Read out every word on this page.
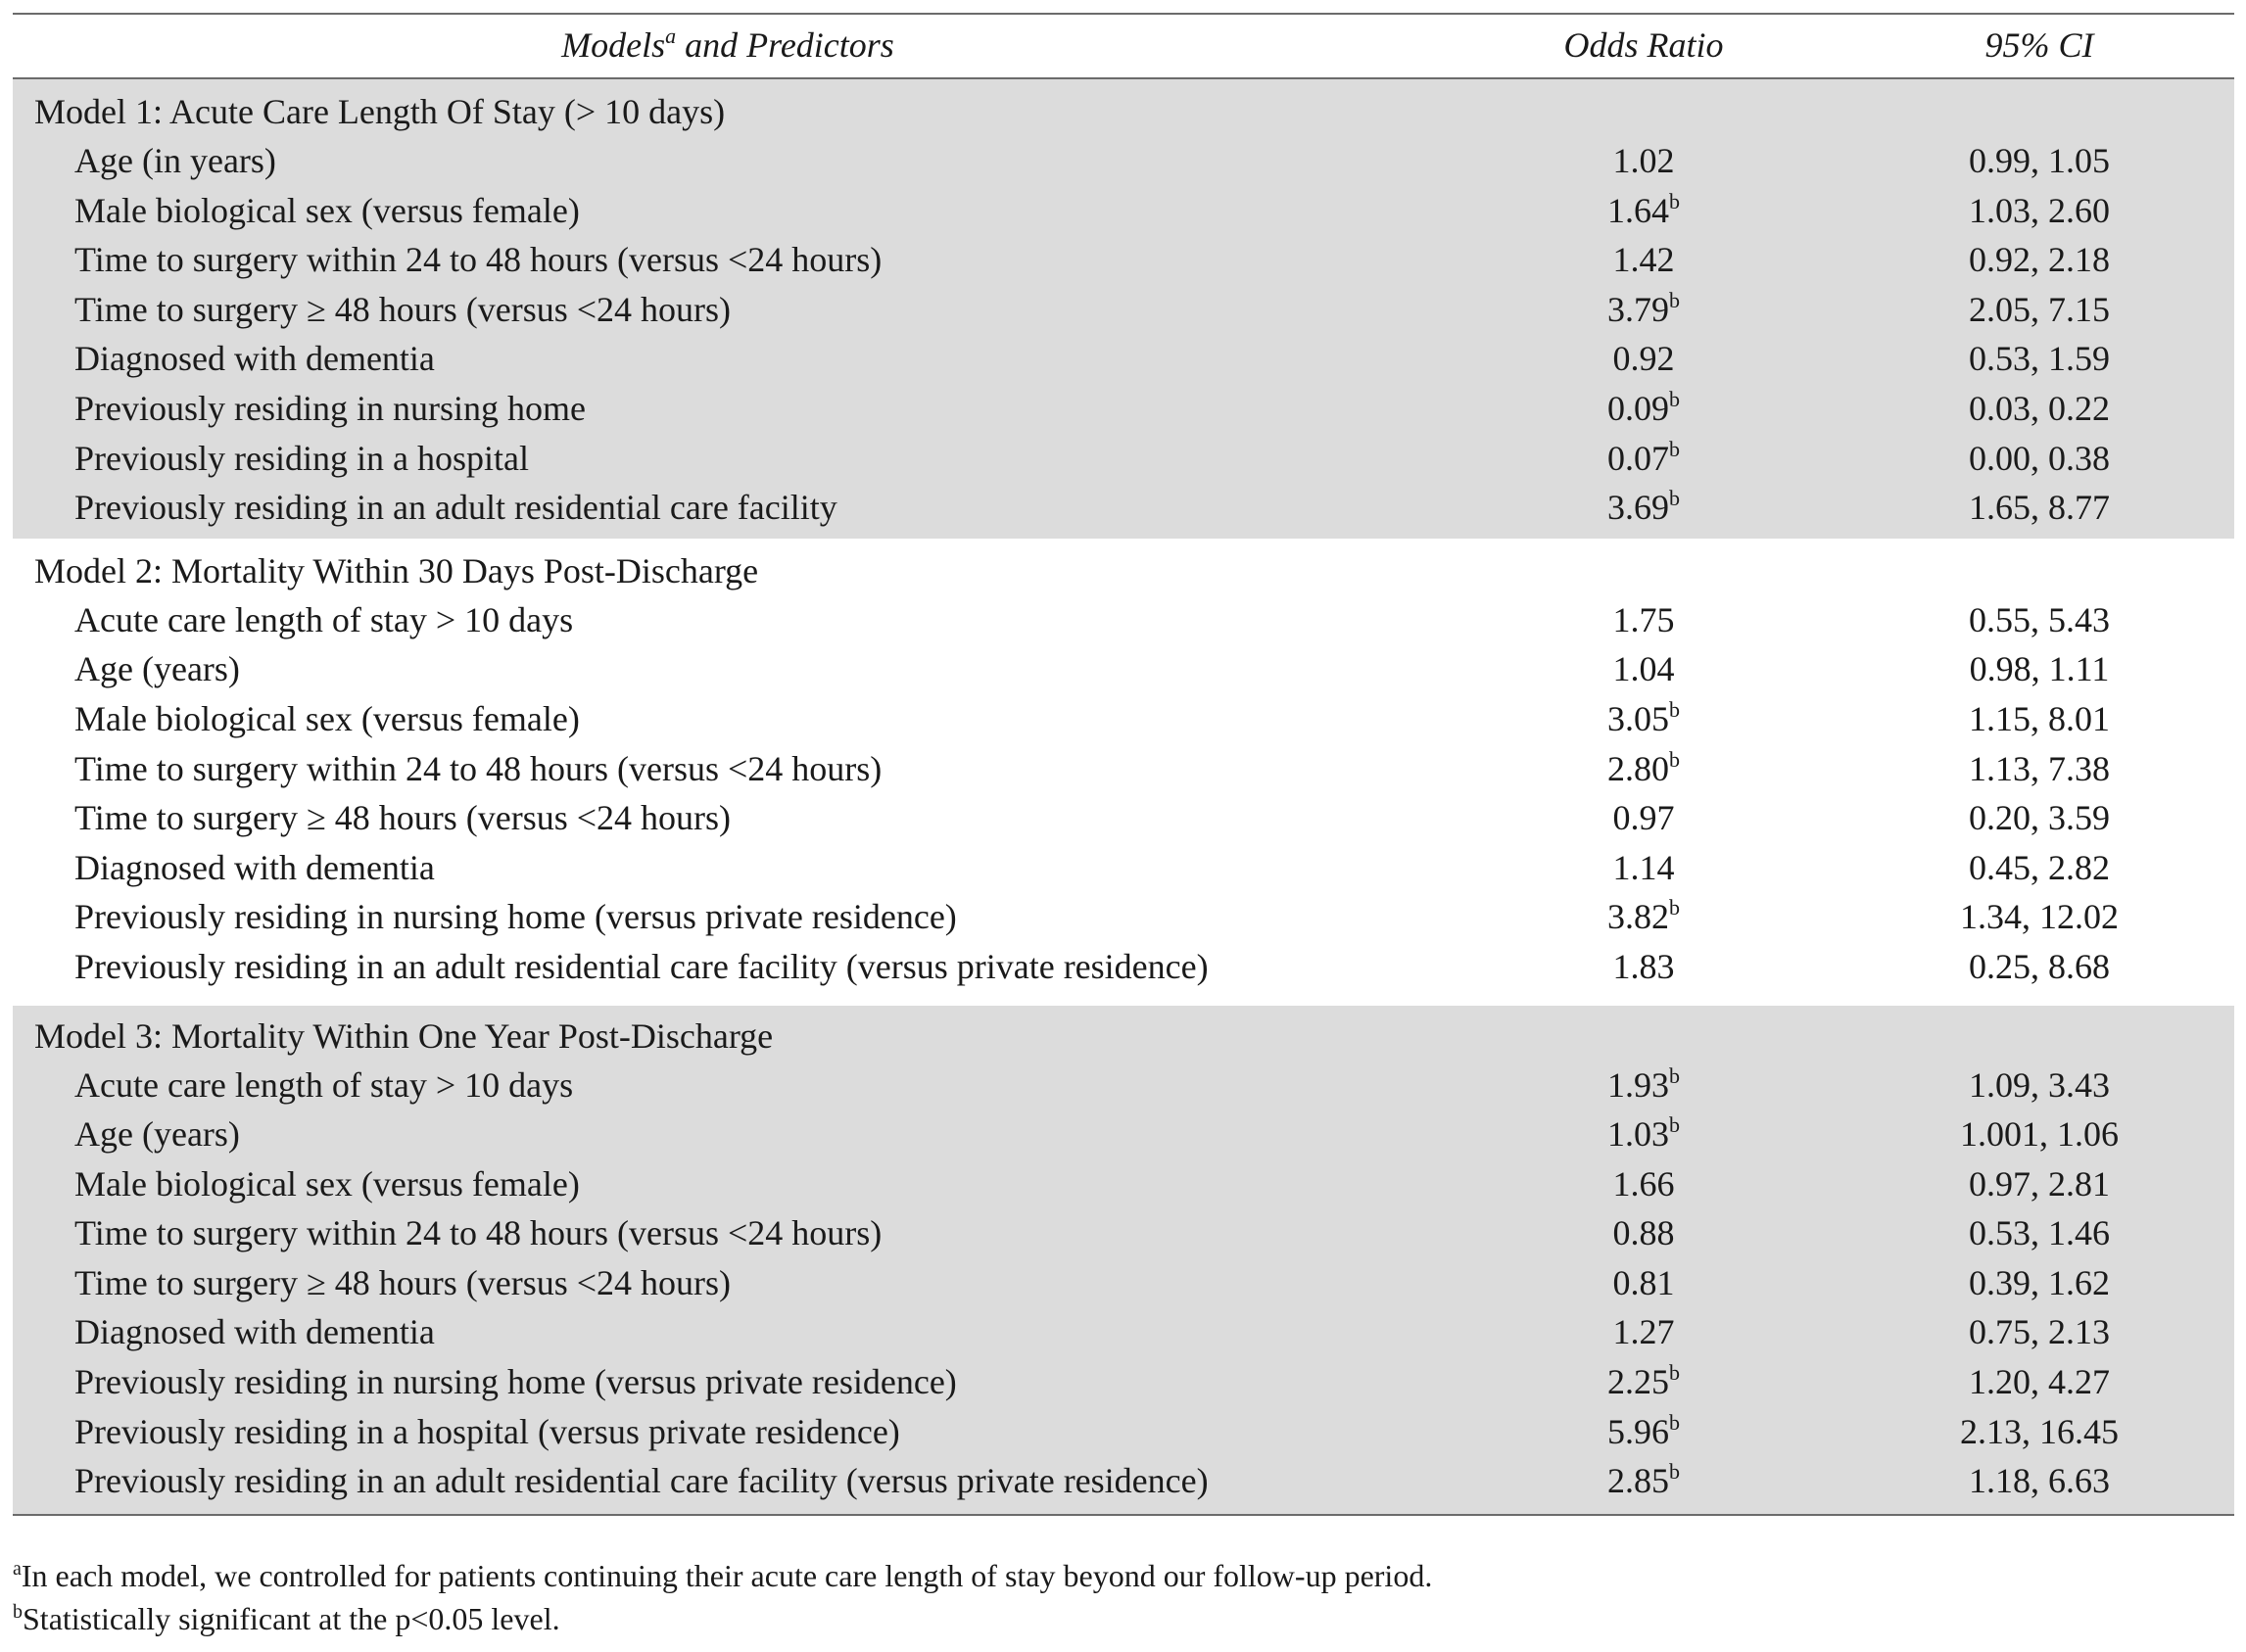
Models$^a$ and Predictors	Odds Ratio	95% CI
Model 1: Acute Care Length Of Stay (> 10 days)
Age (in years)	1.02	0.99, 1.05
Male biological sex (versus female)	1.64$^b$	1.03, 2.60
Time to surgery within 24 to 48 hours (versus <24 hours)	1.42	0.92, 2.18
Time to surgery ≥ 48 hours (versus <24 hours)	3.79$^b$	2.05, 7.15
Diagnosed with dementia	0.92	0.53, 1.59
Previously residing in nursing home	0.09$^b$	0.03, 0.22
Previously residing in a hospital	0.07$^b$	0.00, 0.38
Previously residing in an adult residential care facility	3.69$^b$	1.65, 8.77
Model 2: Mortality Within 30 Days Post-Discharge
Acute care length of stay > 10 days	1.75	0.55, 5.43
Age (years)	1.04	0.98, 1.11
Male biological sex (versus female)	3.05$^b$	1.15, 8.01
Time to surgery within 24 to 48 hours (versus <24 hours)	2.80$^b$	1.13, 7.38
Time to surgery ≥ 48 hours (versus <24 hours)	0.97	0.20, 3.59
Diagnosed with dementia	1.14	0.45, 2.82
Previously residing in nursing home (versus private residence)	3.82$^b$	1.34, 12.02
Previously residing in an adult residential care facility (versus private residence)	1.83	0.25, 8.68
Model 3: Mortality Within One Year Post-Discharge
Acute care length of stay > 10 days	1.93$^b$	1.09, 3.43
Age (years)	1.03$^b$	1.001, 1.06
Male biological sex (versus female)	1.66	0.97, 2.81
Time to surgery within 24 to 48 hours (versus <24 hours)	0.88	0.53, 1.46
Time to surgery ≥ 48 hours (versus <24 hours)	0.81	0.39, 1.62
Diagnosed with dementia	1.27	0.75, 2.13
Previously residing in nursing home (versus private residence)	2.25$^b$	1.20, 4.27
Previously residing in a hospital (versus private residence)	5.96$^b$	2.13, 16.45
Previously residing in an adult residential care facility (versus private residence)	2.85$^b$	1.18, 6.63
$^a$In each model, we controlled for patients continuing their acute care length of stay beyond our follow-up period.
$^b$Statistically significant at the p<0.05 level.
